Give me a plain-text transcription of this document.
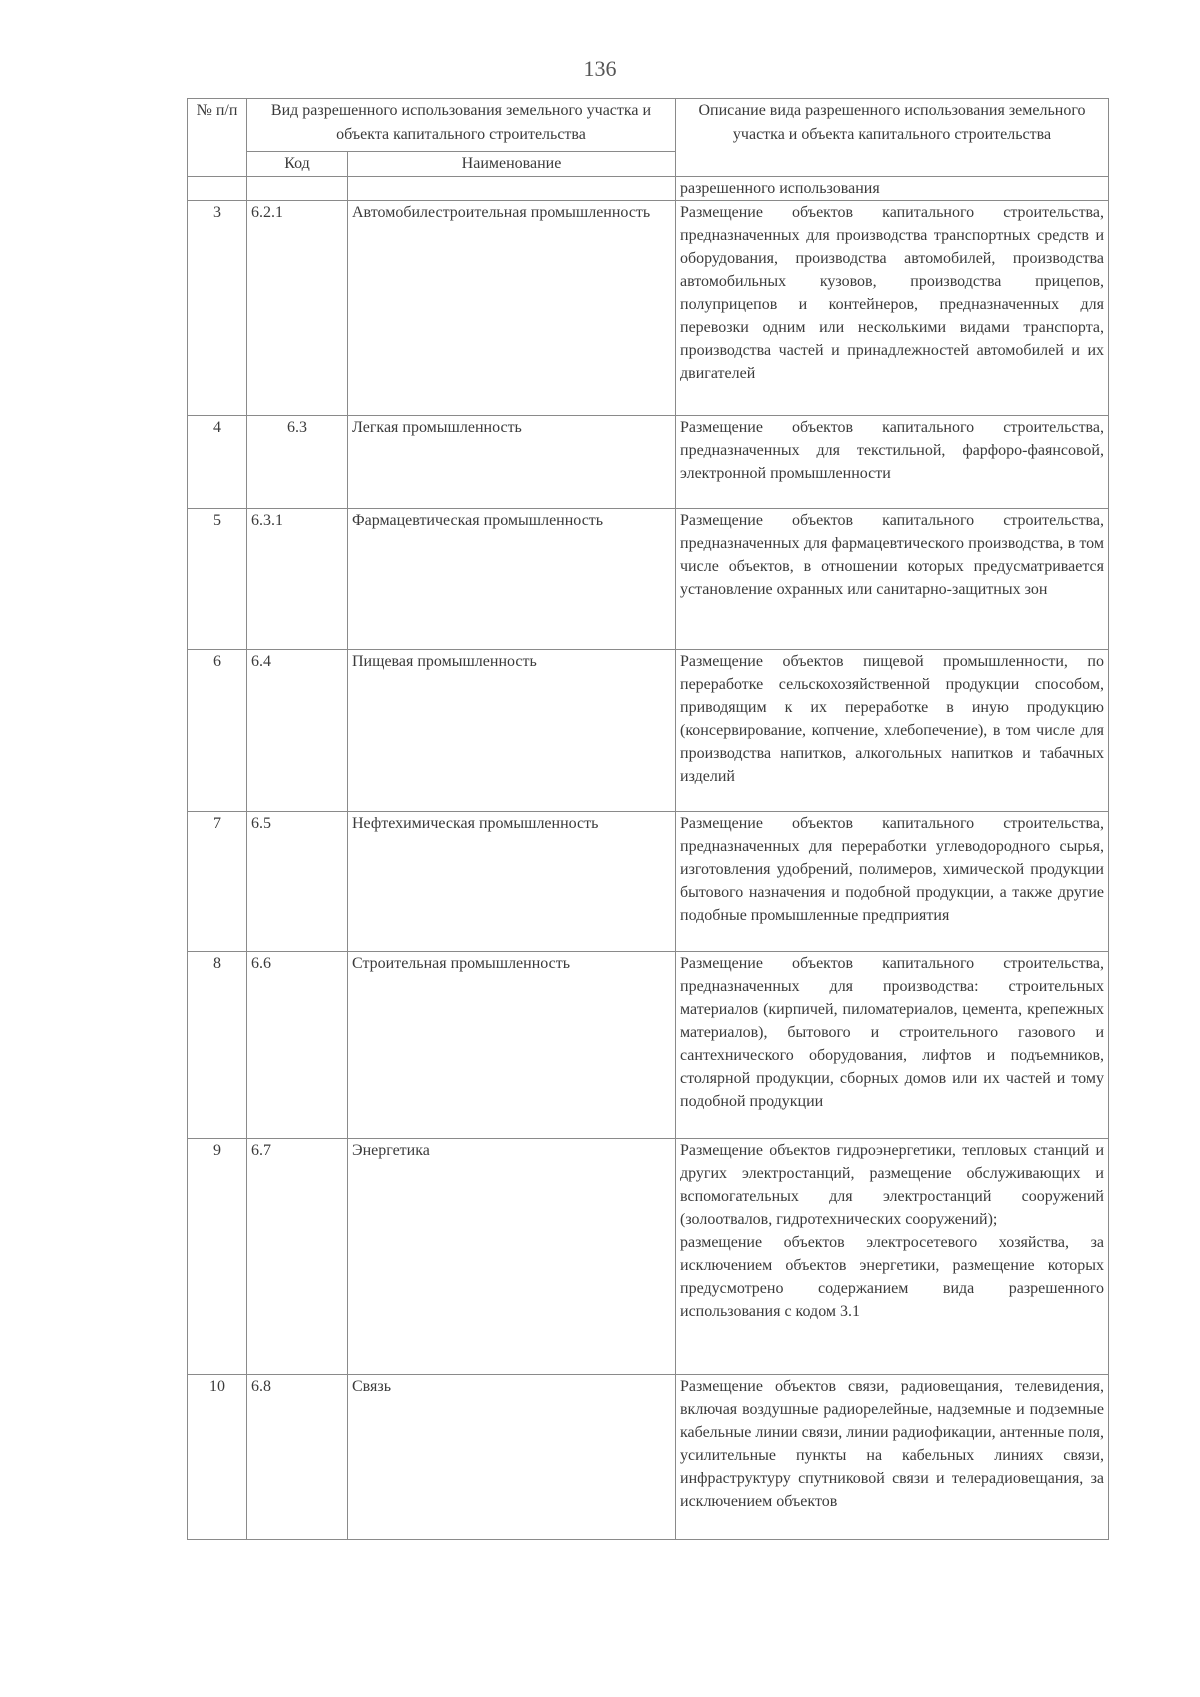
136
№ п/п	Вид разрешенного использования земельного участка и объекта капитального строительства		Описание вида разрешенного использования земельного участка и объекта капитального строительства
	Код	Наименование	
			разрешенного использования
3	6.2.1	Автомобилестроительная промышленность	Размещение объектов капитального строительства, предназначенных для производства транспортных средств и оборудования, производства автомобилей, производства автомобильных кузовов, производства прицепов, полуприцепов и контейнеров, предназначенных для перевозки одним или несколькими видами транспорта, производства частей и принадлежностей автомобилей и их двигателей
4	6.3	Легкая промышленность	Размещение объектов капитального строительства, предназначенных для текстильной, фарфоро-фаянсовой, электронной промышленности
5	6.3.1	Фармацевтическая промышленность	Размещение объектов капитального строительства, предназначенных для фармацевтического производства, в том числе объектов, в отношении которых предусматривается установление охранных или санитарно-защитных зон
6	6.4	Пищевая промышленность	Размещение объектов пищевой промышленности, по переработке сельскохозяйственной продукции способом, приводящим к их переработке в иную продукцию (консервирование, копчение, хлебопечение), в том числе для производства напитков, алкогольных напитков и табачных изделий
7	6.5	Нефтехимическая промышленность	Размещение объектов капитального строительства, предназначенных для переработки углеводородного сырья, изготовления удобрений, полимеров, химической продукции бытового назначения и подобной продукции, а также другие подобные промышленные предприятия
8	6.6	Строительная промышленность	Размещение объектов капитального строительства, предназначенных для производства: строительных материалов (кирпичей, пиломатериалов, цемента, крепежных материалов), бытового и строительного газового и сантехнического оборудования, лифтов и подъемников, столярной продукции, сборных домов или их частей и тому подобной продукции
9	6.7	Энергетика	Размещение объектов гидроэнергетики, тепловых станций и других электростанций, размещение обслуживающих и вспомогательных для электростанций сооружений (золоотвалов, гидротехнических сооружений);
размещение объектов электросетевого хозяйства, за исключением объектов энергетики, размещение которых предусмотрено содержанием вида разрешенного использования с кодом 3.1

10	6.8	Связь	Размещение объектов связи, радиовещания, телевидения, включая воздушные радиорелейные, надземные и подземные кабельные линии связи, линии радиофикации, антенные поля, усилительные пункты на кабельных линиях связи, инфраструктуру спутниковой связи и телерадиовещания, за исключением объектов
